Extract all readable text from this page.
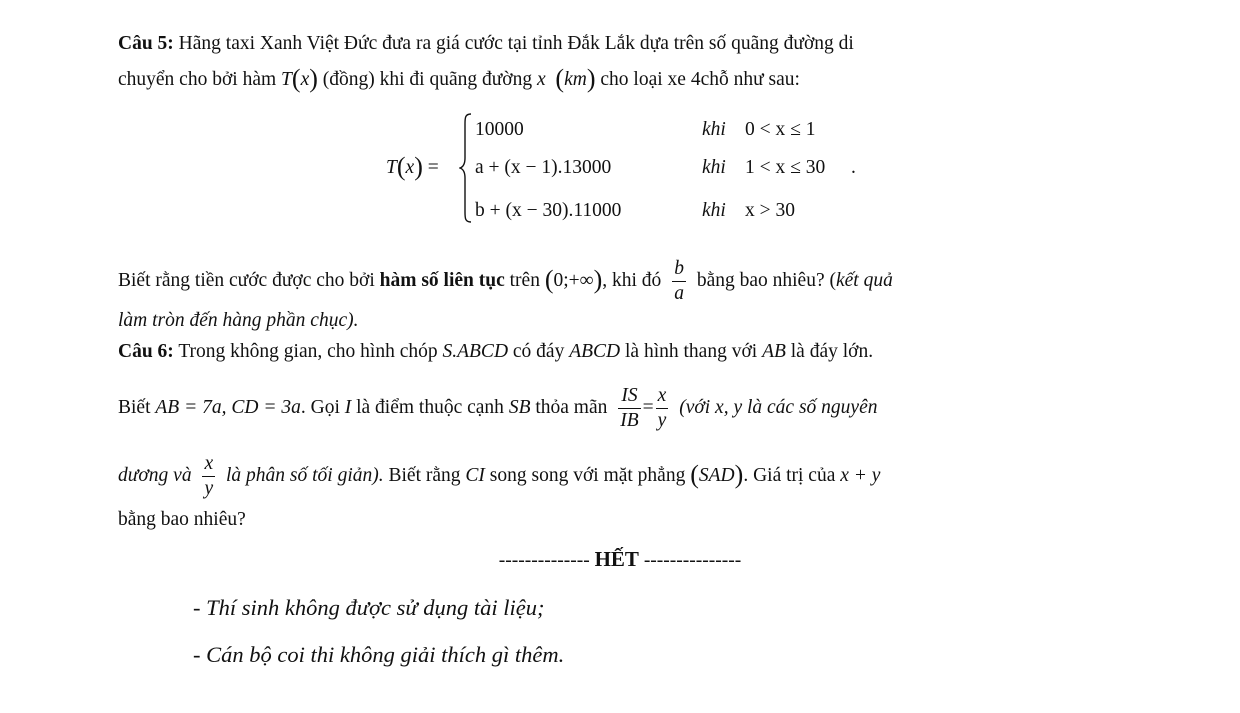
Câu 5: Hãng taxi Xanh Việt Đức đưa ra giá cước tại tỉnh Đắk Lắk dựa trên số quãng đường di
chuyển cho bởi hàm T(x) (đồng) khi đi quãng đường x (km) cho loại xe 4chỗ như sau:
T(x) =
10000
a + (x − 1).13000
b + (x − 30).11000
khi
khi
khi
0 < x ≤ 1
1 < x ≤ 30
x > 30
.
Biết rằng tiền cước được cho bởi hàm số liên tục trên (0;+∞), khi đó $\frac{b}{a}$ bằng bao nhiêu? (kết quả
làm tròn đến hàng phần chục).
Câu 6: Trong không gian, cho hình chóp S.ABCD có đáy ABCD là hình thang với AB là đáy lớn.
Biết AB = 7a, CD = 3a. Gọi I là điểm thuộc cạnh SB thỏa mãn $\frac{IS}{IB} = \frac{x}{y}$ (với x, y là các số nguyên
dương và $\frac{x}{y}$ là phân số tối giản). Biết rằng CI song song với mặt phẳng (SAD). Giá trị của x + y
bằng bao nhiêu?
-------------- HẾT ---------------
- Thí sinh không được sử dụng tài liệu;
- Cán bộ coi thi không giải thích gì thêm.
